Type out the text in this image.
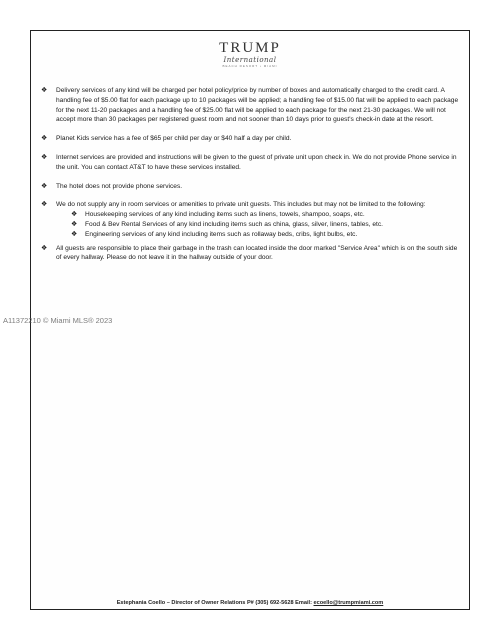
TRUMP
International
BEACH RESORT • MIAMI
❖	Delivery services of any kind will be charged per hotel policy/price by number of boxes and automatically charged to the credit card. A handling fee of $5.00 flat for each package up to 10 packages will be applied; a handling fee of $15.00 flat will be applied to each package for the next 11-20 packages and a handling fee of $25.00 flat will be applied to each package for the next 21-30 packages. We will not accept more than 30 packages per registered guest room and not sooner than 10 days prior to guest's check-in date at the resort.
❖	Planet Kids service has a fee of $65 per child per day or $40 half a day per child.
❖	Internet services are provided and instructions will be given to the guest of private unit upon check in. We do not provide Phone service in the unit. You can contact AT&T to have these services installed.
❖	The hotel does not provide phone services.
❖	We do not supply any in room services or amenities to private unit guests. This includes but may not be limited to the following:
❖	Housekeeping services of any kind including items such as linens, towels, shampoo, soaps, etc.
❖	Food & Bev Rental Services of any kind including items such as china, glass, silver, linens, tables, etc.
❖	Engineering services of any kind including items such as rollaway beds, cribs, light bulbs, etc.
❖	All guests are responsible to place their garbage in the trash can located inside the door marked "Service Area" which is on the south side of every hallway. Please do not leave it in the hallway outside of your door.
Estephania Coello – Director of Owner Relations P# (305) 692-5628 Email: ecoello@trumpmiami.com
A11372210 © Miami MLS® 2023
